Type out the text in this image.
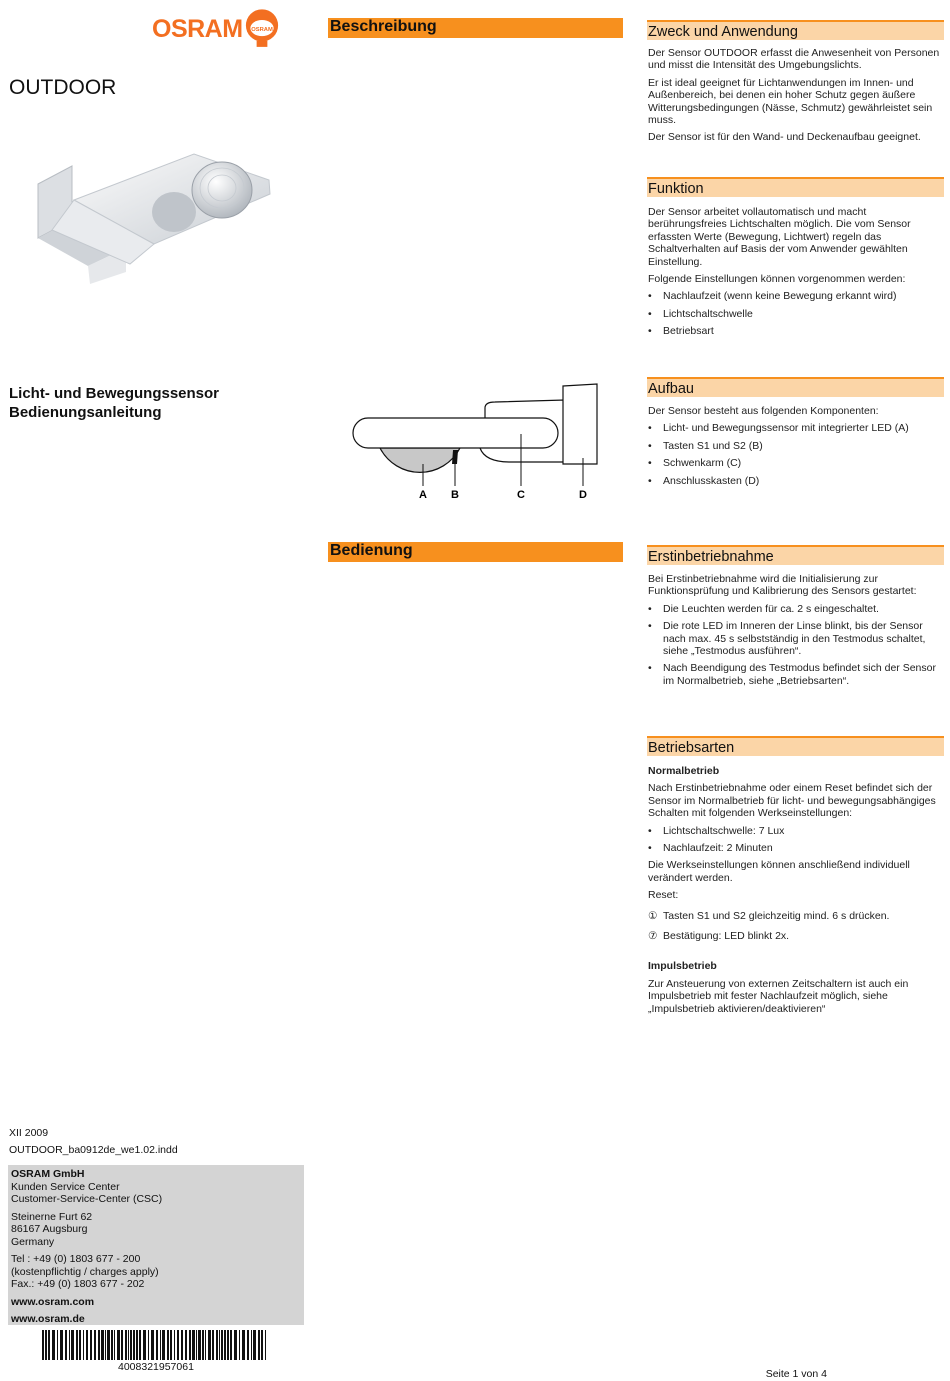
OSRAM OSRAM
OUTDOOR
Licht- und Bewegungssensor
Bedienungsanleitung
Beschreibung
Bedienung
A B	C	D
Zweck und Anwendung

Der Sensor OUTDOOR erfasst die Anwesenheit von Personen und misst die Intensität des Umgebungslichts.

Er ist ideal geeignet für Lichtanwendungen im Innen- und Außenbereich, bei denen ein hoher Schutz gegen äußere Witterungsbedingungen (Nässe, Schmutz) gewährleistet sein muss.

Der Sensor ist für den Wand- und Deckenaufbau geeignet.

Funktion

Der Sensor arbeitet vollautomatisch und macht berührungsfreies Lichtschalten möglich. Die vom Sensor erfassten Werte (Bewegung, Lichtwert) regeln das Schaltverhalten auf Basis der vom Anwender gewählten Einstellung.

Folgende Einstellungen können vorgenommen werden:

• Nachlaufzeit (wenn keine Bewegung erkannt wird)
• Lichtschaltschwelle
• Betriebsart
Aufbau

Der Sensor besteht aus folgenden Komponenten:

• Licht- und Bewegungssensor mit integrierter LED (A)
• Tasten S1 und S2 (B)
• Schwenkarm (C)
• Anschlusskasten (D)
Erstinbetriebnahme

Bei Erstinbetriebnahme wird die Initialisierung zur Funktionsprüfung und Kalibrierung des Sensors gestartet:

• Die Leuchten werden für ca. 2 s eingeschaltet.
• Die rote LED im Inneren der Linse blinkt, bis der Sensor nach max. 45 s selbstständig in den Testmodus schaltet, siehe „Testmodus ausführen“.
• Nach Beendigung des Testmodus befindet sich der Sensor im Normalbetrieb, siehe „Betriebsarten“.
Betriebsarten

Normalbetrieb

Nach Erstinbetriebnahme oder einem Reset befindet sich der Sensor im Normalbetrieb für licht- und bewegungsabhängiges Schalten mit folgenden Werkseinstellungen:

• Lichtschaltschwelle: 7 Lux
• Nachlaufzeit: 2 Minuten

Die Werkseinstellungen können anschließend individuell verändert werden.

Reset:

① Tasten S1 und S2 gleichzeitig mind. 6 s drücken.
⑦ Bestätigung: LED blinkt 2x.

Impulsbetrieb

Zur Ansteuerung von externen Zeitschaltern ist auch ein Impulsbetrieb mit fester Nachlaufzeit möglich, siehe „Impulsbetrieb aktivieren/deaktivieren“

XII 2009
OUTDOOR_ba0912de_we1.02.indd
OSRAM GmbH
Kunden Service Center
Customer-Service-Center (CSC)
Steinerne Furt 62
86167 Augsburg
Germany
Tel : +49 (0) 1803 677 - 200
(kostenpflichtig / charges apply)
Fax.: +49 (0) 1803 677 - 202
www.osram.com
www.osram.de
4008321957061
Seite 1 von 4
